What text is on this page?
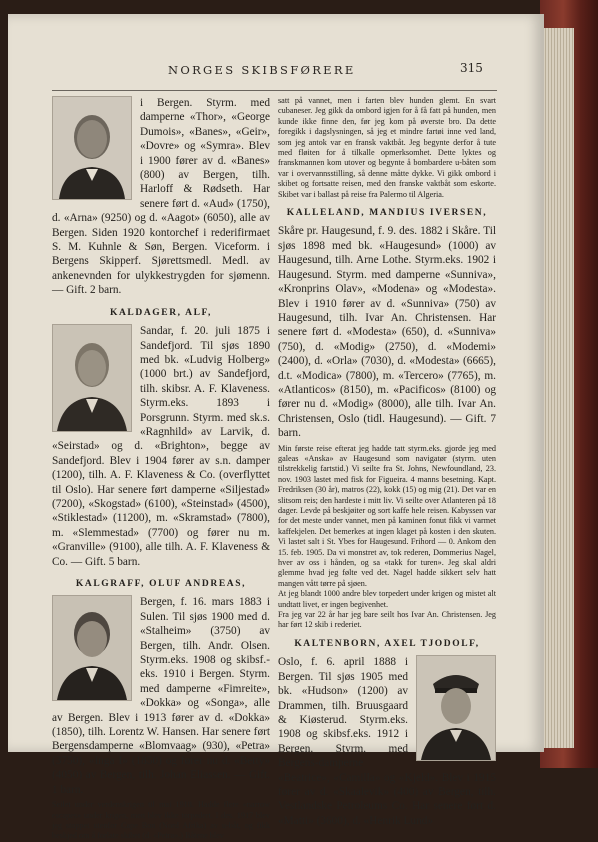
NORGES SKIBSFØRERE	315

i Bergen. Styrm. med damperne «Thor», «George Dumois», «Banes», «Geir», «Dovre» og «Symra». Blev i 1900 fører av d. «Banes» (800) av Bergen, tilh. Harloff & Rødseth. Har senere ført d. «Aud» (1750), d. «Arna» (9250) og d. «Aagot» (6050), alle av Bergen. Siden 1920 kontorchef i rederifirmaet S. M. Kuhnle & Søn, Bergen. Viceform. i Bergens Skipperf. Sjørettsmedl. Medl. av ankenevnden for ulykkestrygden for sjømenn. — Gift. 2 barn.

KALDAGER, ALF,

Sandar, f. 20. juli 1875 i Sandefjord. Til sjøs 1890 med bk. «Ludvig Holberg» (1000 brt.) av Sandefjord, tilh. skibsr. A. F. Klaveness. Styrm.eks. 1893 i Porsgrunn. Styrm. med sk.s. «Ragnhild» av Larvik, d. «Seirstad» og d. «Brighton», begge av Sandefjord. Blev i 1904 fører av s.n. damper (1200), tilh. A. F. Klaveness & Co. (overflyttet til Oslo). Har senere ført damperne «Siljestad» (7200), «Skogstad» (6100), «Steinstad» (4500), «Stiklestad» (11200), m. «Skramstad» (7800), m. «Slemmestad» (7700) og fører nu m. «Granville» (9100), alle tilh. A. F. Klaveness & Co. — Gift. 5 barn.

KALGRAFF, OLUF ANDREAS,

Bergen, f. 16. mars 1883 i Sulen. Til sjøs 1900 med d. «Stalheim» (3750) av Bergen, tilh. Andr. Olsen. Styrm.eks. 1908 og skibsf.-eks. 1910 i Bergen. Styrm. med damperne «Fimreite», «Dokka» og «Songa», alle av Bergen. Blev i 1913 fører av d. «Dokka» (1850), tilh. Lorentz W. Hansen. Har senere ført Bergensdamperne «Blomvaag» (930), «Petra» (3750), «Inga I» (1850) og fører nu d. «Betty» (4050) av Bergen, tilh. Johan Eliassen. — Gift. 1 barn.

Seilet under verdenskrigen til mai 1918. Hadde flere «narrow escapes» under krigen, men blev ikke torpedert. I des. 1917 blev jeg stoppet utenfor Cape Bon (Nord Afrika) av u-båt, og fikk beskjed om å forlate skibet (d. «Petra».) Båtene blev

satt på vannet, men i farten blev hunden glemt. En svart cubaneser. Jeg gikk da ombord igjen for å få fatt på hunden, men kunde ikke finne den, før jeg kom på øverste bro. Da dette foregikk i dagslysningen, så jeg et mindre fartøi inne ved land, som jeg antok var en fransk vaktbåt. Jeg begynte derfor å tute med fløiten for å tilkalle opmerksomhet. Dette lyktes og franskmannen kom utover og begynte å bombardere u-båten som var i overvannsstilling, så denne måtte dykke. Vi gikk ombord i skibet og fortsatte reisen, med den franske vaktbåt som eskorte. Skibet var i ballast på reise fra Palermo til Algeria.

KALLELAND, MANDIUS IVERSEN,

Skåre pr. Haugesund, f. 9. des. 1882 i Skåre. Til sjøs 1898 med bk. «Haugesund» (1000) av Haugesund, tilh. Arne Lothe. Styrm.eks. 1902 i Haugesund. Styrm. med damperne «Sunniva», «Kronprins Olav», «Modena» og «Modesta». Blev i 1910 fører av d. «Sunniva» (750) av Haugesund, tilh. Ivar An. Christensen. Har senere ført d. «Modesta» (650), d. «Sunniva» (750), d. «Modig» (2750), d. «Modemi» (2400), d. «Orla» (7030), d. «Modesta» (6665), d.t. «Modica» (7800), m. «Tercero» (7765), m. «Atlanticos» (8150), m. «Pacificos» (8100) og fører nu d. «Modig» (8000), alle tilh. Ivar An. Christensen, Oslo (tidl. Haugesund). — Gift. 7 barn.

Min første reise efterat jeg hadde tatt styrm.eks. gjorde jeg med galeas «Anska» av Haugesund som navigatør (styrm. uten tilstrekkelig fartstid.) Vi seilte fra St. Johns, Newfoundland, 23. nov. 1903 lastet med fisk for Figueira. 4 manns besetning. Kapt. Fredriksen (30 år), matros (22), kokk (15) og mig (21). Det var en slitsom reis; den hardeste i mitt liv. Vi seilte over Atlanteren på 18 dager. Levde på beskjøiter og sort kaffe hele reisen. Kabyssen var for det meste under vannet, men på kaminen fonut fikk vi varmet kaffekjelen. Det bemerkes at ingen klaget på kosten i den skuten. Vi lastet salt i St. Ybes for Haugesund. Frihord — 0. Ankom den 15. feb. 1905. Da vi monstret av, tok rederen, Dommerius Nagel, hver av oss i hånden, og sa «takk for turen». Jeg skal aldri glemme hvad jeg følte ved det. Nagel hadde sikkert selv hatt mangen vått tørre på sjøen.

At jeg blandt 1000 andre blev torpedert under krigen og mistet alt undtatt livet, er ingen begivenhet.

Fra jeg var 22 år har jeg bare seilt hos Ivar An. Christensen. Jeg har ført 12 skib i rederiet.

KALTENBORN, AXEL TJODOLF,

Oslo, f. 6. april 1888 i Bergen. Til sjøs 1905 med bk. «Hudson» (1200) av Drammen, tilh. Bruusgaard & Kiøsterud. Styrm.eks. 1908 og skibsf.eks. 1912 i Bergen. Styrm. med Bergens-damperne «Beatrice», «Camilla» og «Kjeld». Blev i 1915 fører av d. «Skaalevik» (400) av Bergen, tilh. Vestlandske Petroleums Co. Har senere ført d. «Matti» (3600), d. «Henrik Lund»
